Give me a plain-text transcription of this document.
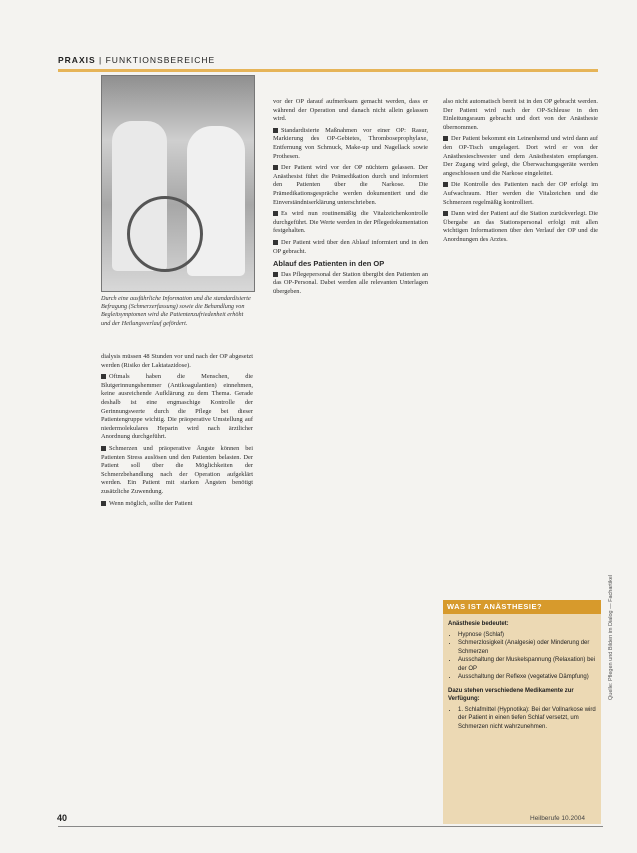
PRAXIS | FUNKTIONSBEREICHE
Durch eine ausführliche Information und die standardisierte Befragung (Schmerzerfassung) sowie die Behandlung von Begleitsymptomen wird die Patientenzufriedenheit erhöht und der Heilungsverlauf gefördert.

dialysis müssen 48 Stunden vor und nach der OP abgesetzt werden (Risiko der Laktatazidose).

Oftmals haben die Menschen, die Blutgerinnungshemmer (Antikoagulantien) einnehmen, keine ausreichende Aufklärung zu dem Thema. Gerade deshalb ist eine engmaschige Kontrolle der Gerinnungswerte durch die Pflege bei dieser Patientengruppe wichtig. Die präoperative Umstellung auf niedermolekulares Heparin wird nach ärztlicher Anordnung durchgeführt.

Schmerzen und präoperative Ängste können bei Patienten Stress auslösen und den Patienten belasten. Der Patient soll über die Möglichkeiten der Schmerzbehandlung nach der Operation aufgeklärt werden. Ein Patient mit starken Ängsten benötigt zusätzliche Zuwendung.

Wenn möglich, sollte der Patient

vor der OP darauf aufmerksam gemacht werden, dass er während der Operation und danach nicht allein gelassen wird.

Standardisierte Maßnahmen vor einer OP: Rasur, Markierung des OP-Gebietes, Thromboseprophylaxe, Entfernung von Schmuck, Make-up und Nagellack sowie Prothesen.

Der Patient wird vor der OP nüchtern gelassen. Der Anästhesist führt die Prämedikation durch und informiert den Patienten über die Narkose. Die Prämedikationsgespräche werden dokumentiert und die Einverständniserklärung unterschrieben.

Es wird nun routinemäßig die Vitalzeichenkontrolle durchgeführt. Die Werte werden in der Pflegedokumentation festgehalten.

Der Patient wird über den Ablauf informiert und in den OP gebracht.

Ablauf des Patienten in den OP

Das Pflegepersonal der Station übergibt den Patienten an das OP-Personal. Dabei werden alle relevanten Unterlagen übergeben.

also nicht automatisch bereit ist in den OP gebracht werden. Der Patient wird nach der OP-Schleuse in den Einleitungsraum gebracht und dort von der Anästhesie übernommen.

Der Patient bekommt ein Leinenhemd und wird dann auf den OP-Tisch umgelagert. Dort wird er von der Anästhesieschwester und dem Anästhesisten empfangen. Der Zugang wird gelegt, die Überwachungsgeräte werden angeschlossen und die Narkose eingeleitet.

Die Kontrolle des Patienten nach der OP erfolgt im Aufwachraum. Hier werden die Vitalzeichen und die Schmerzen regelmäßig kontrolliert.

Dann wird der Patient auf die Station zurückverlegt. Die Übergabe an das Stationspersonal erfolgt mit allen wichtigen Informationen über den Verlauf der OP und die Anordnungen des Arztes.

WAS IST ANÄSTHESIE?
Anästhesie bedeutet:
• Hypnose (Schlaf)
• Schmerzlosigkeit (Analgesie) oder Minderung der Schmerzen
• Ausschaltung der Muskelspannung (Relaxation) bei der OP
• Ausschaltung der Reflexe (vegetative Dämpfung)
Dazu stehen verschiedene Medikamente zur Verfügung:
• 1. Schlafmittel (Hypnotika): Bei der Vollnarkose wird der Patient in einen tiefen Schlaf versetzt, um Schmerzen nicht wahrzunehmen.
Quelle: Pflegen und Bilden im Dialog — Fachartikel
40	Heilberufe 10.2004
